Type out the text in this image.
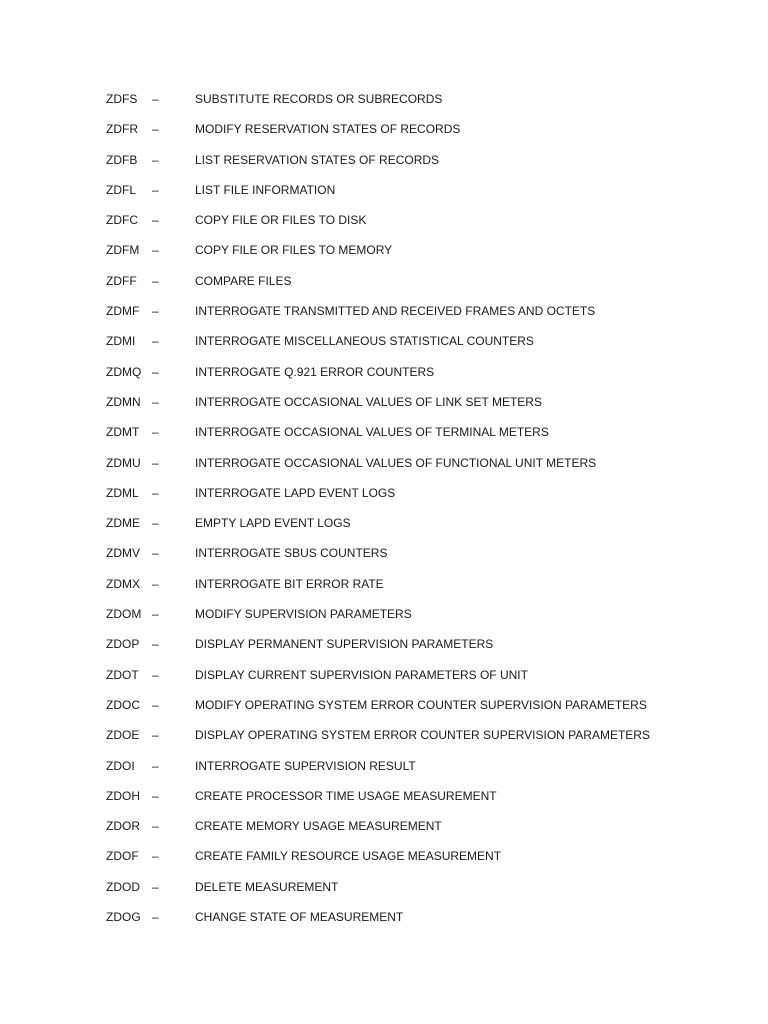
ZDFS	–	SUBSTITUTE RECORDS OR SUBRECORDS
ZDFR	–	MODIFY RESERVATION STATES OF RECORDS
ZDFB	–	LIST RESERVATION STATES OF RECORDS
ZDFL	–	LIST FILE INFORMATION
ZDFC	–	COPY FILE OR FILES TO DISK
ZDFM	–	COPY FILE OR FILES TO MEMORY
ZDFF	–	COMPARE FILES
ZDMF	–	INTERROGATE TRANSMITTED AND RECEIVED FRAMES AND OCTETS
ZDMI	–	INTERROGATE MISCELLANEOUS STATISTICAL COUNTERS
ZDMQ –	INTERROGATE Q.921 ERROR COUNTERS
ZDMN –	INTERROGATE OCCASIONAL VALUES OF LINK SET METERS
ZDMT	–	INTERROGATE OCCASIONAL VALUES OF TERMINAL METERS
ZDMU –	INTERROGATE OCCASIONAL VALUES OF FUNCTIONAL UNIT METERS
ZDML	–	INTERROGATE LAPD EVENT LOGS
ZDME	–	EMPTY LAPD EVENT LOGS
ZDMV	–	INTERROGATE SBUS COUNTERS
ZDMX	–	INTERROGATE BIT ERROR RATE
ZDOM –	MODIFY SUPERVISION PARAMETERS
ZDOP	–	DISPLAY PERMANENT SUPERVISION PARAMETERS
ZDOT	–	DISPLAY CURRENT SUPERVISION PARAMETERS OF UNIT
ZDOC	–	MODIFY OPERATING SYSTEM ERROR COUNTER SUPERVISION PARAMETERS
ZDOE	–	DISPLAY OPERATING SYSTEM ERROR COUNTER SUPERVISION PARAMETERS
ZDOI	–	INTERROGATE SUPERVISION RESULT
ZDOH	–	CREATE PROCESSOR TIME USAGE MEASUREMENT
ZDOR	–	CREATE MEMORY USAGE MEASUREMENT
ZDOF	–	CREATE FAMILY RESOURCE USAGE MEASUREMENT
ZDOD	–	DELETE MEASUREMENT
ZDOG –	CHANGE STATE OF MEASUREMENT
